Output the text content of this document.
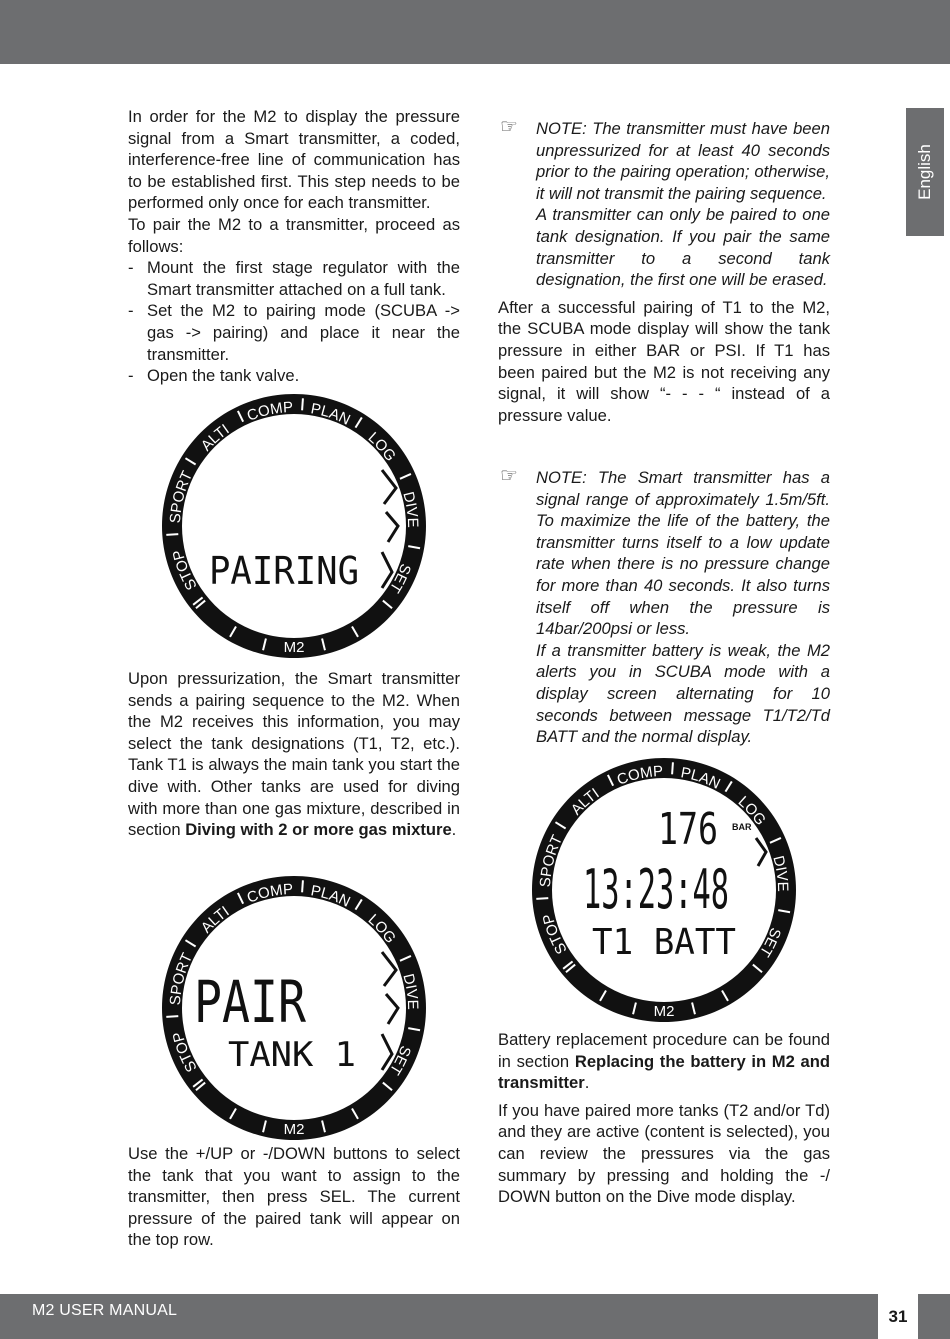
English

In order for the M2 to display the pressure signal from a Smart transmitter, a coded, interference-free line of communication has to be established first. This step needs to be performed only once for each transmitter.

To pair the M2 to a transmitter, proceed as follows:

- Mount the first stage regulator with the Smart transmitter attached on a full tank.
- Set the M2 to pairing mode (SCUBA -> gas -> pairing) and place it near the transmitter.
- Open the tank valve.
STOP
SPORT
ALTI
COMP PLAN
LOG
DIVE
SET
M2
PAIRING

Upon pressurization, the Smart transmitter sends a pairing sequence to the M2. When the M2 receives this information, you may select the tank designations (T1, T2, etc.). Tank T1 is always the main tank you start the dive with. Other tanks are used for diving with more than one gas mixture, described in section Diving with 2 or more gas mixture.

STOP
SPORT
ALTI
COMP PLAN
LOG
DIVE
SET
M2
PAIR
TANK 1

Use the +/UP or -/DOWN buttons to select the tank that you want to assign to the transmitter, then press SEL. The current pressure of the paired tank will appear on the top row.

☞ NOTE: The transmitter must have been unpressurized for at least 40 seconds prior to the pairing operation; otherwise, it will not transmit the pairing sequence.

A transmitter can only be paired to one tank designation. If you pair the same transmitter to a second tank designation, the first one will be erased.

After a successful pairing of T1 to the M2, the SCUBA mode display will show the tank pressure in either BAR or PSI. If T1 has been paired but the M2 is not receiving any signal, it will show “- - - “ instead of a pressure value.

☞ NOTE: The Smart transmitter has a signal range of approximately 1.5m/5ft. To maximize the life of the battery, the transmitter turns itself to a low update rate when there is no pressure change for more than 40 seconds. It also turns itself off when the pressure is 14bar/200psi or less.

If a transmitter battery is weak, the M2 alerts you in SCUBA mode with a display screen alternating for 10 seconds between message T1/T2/Td BATT and the normal display.

STOP
SPORT
ALTI
COMP PLAN
LOG
DIVE
SET
M2
176 BAR
13:23:48
T1 BATT

Battery replacement procedure can be found in section Replacing the battery in M2 and transmitter.

If you have paired more tanks (T2 and/or Td) and they are active (content is selected), you can review the pressures via the gas summary by pressing and holding the -/ DOWN button on the Dive mode display.

M2 USER MANUAL	31
